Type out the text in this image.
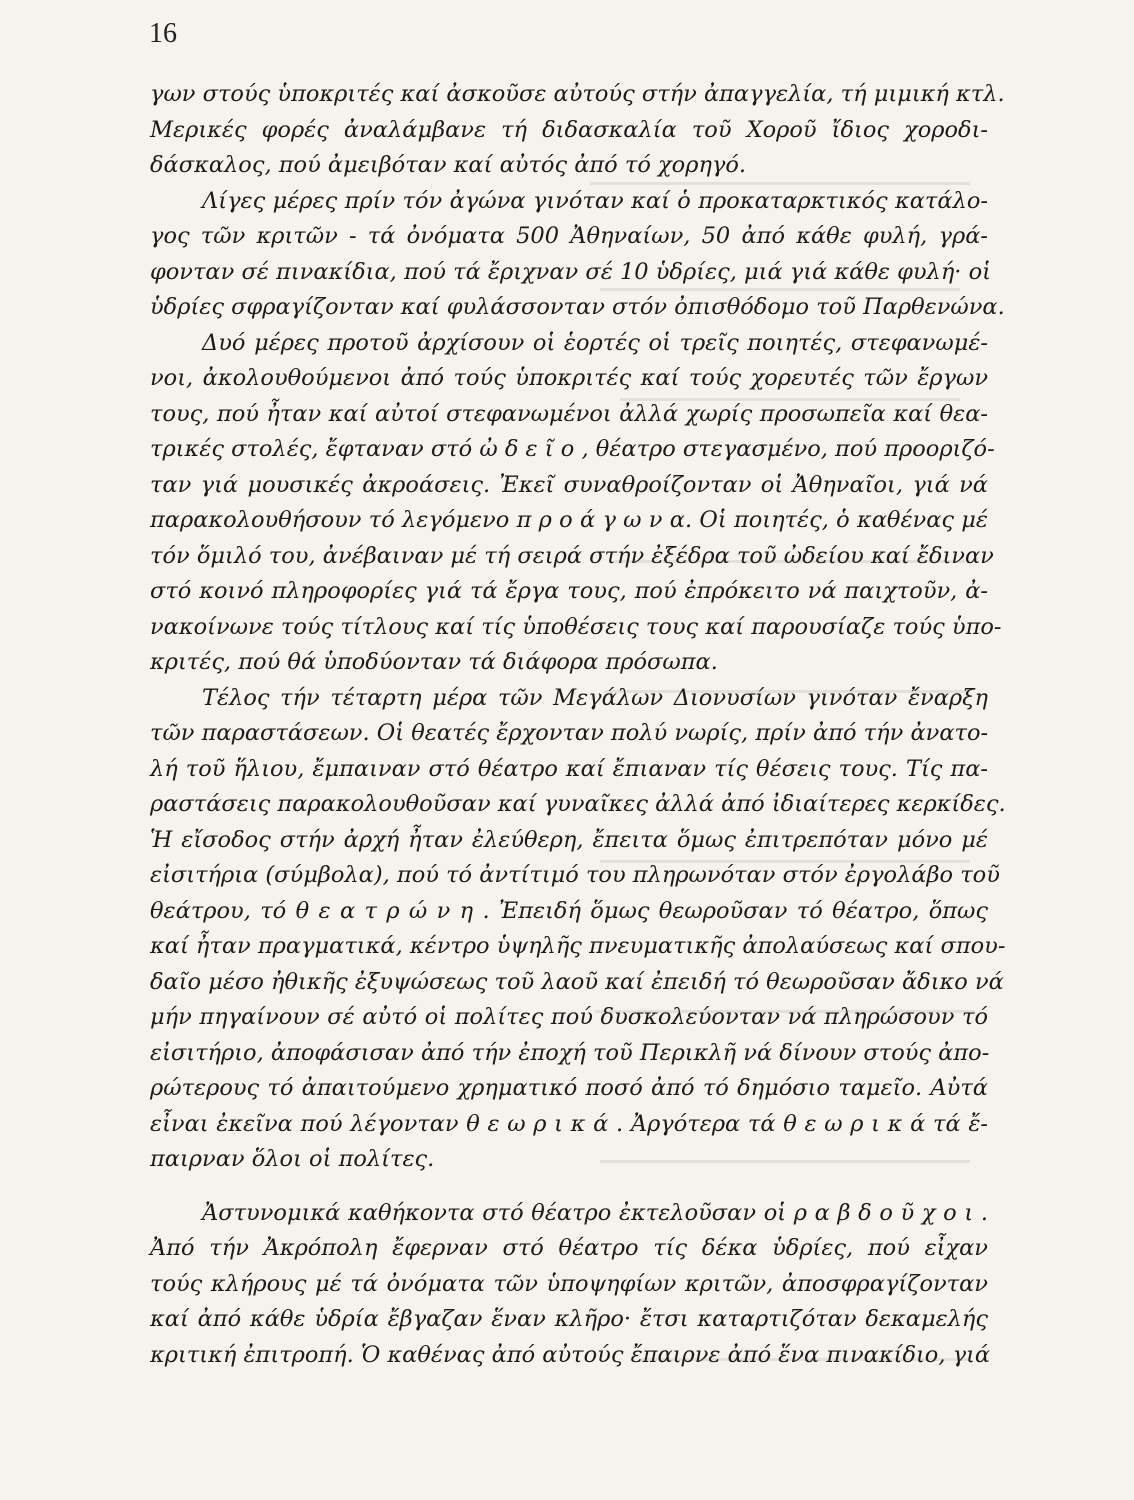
16
γων στούς ὑποκριτές καί ἀσκοῦσε αὐτούς στήν ἀπαγγελία, τή μιμική κτλ.
Μερικές φορές ἀναλάμβανε τή διδασκαλία τοῦ Χοροῦ ἴδιος χοροδι-
δάσκαλος, πού ἀμειβόταν καί αὐτός ἀπό τό χορηγό.
Λίγες μέρες πρίν τόν ἀγώνα γινόταν καί ὁ προκαταρκτικός κατάλο-
γος τῶν κριτῶν - τά ὀνόματα 500 Ἀθηναίων, 50 ἀπό κάθε φυλή, γρά-
φονταν σέ πινακίδια, πού τά ἔριχναν σέ 10 ὑδρίες, μιά γιά κάθε φυλή· οἱ
ὑδρίες σφραγίζονταν καί φυλάσσονταν στόν ὀπισθόδομο τοῦ Παρθενώνα.
Δυό μέρες προτοῦ ἀρχίσουν οἱ ἑορτές οἱ τρεῖς ποιητές, στεφανωμέ-
νοι, ἀκολουθούμενοι ἀπό τούς ὑποκριτές καί τούς χορευτές τῶν ἔργων
τους, πού ἦταν καί αὐτοί στεφανωμένοι ἀλλά χωρίς προσωπεῖα καί θεα-
τρικές στολές, ἔφταναν στό ὠ δ ε ῖ ο , θέατρο στεγασμένο, πού προοριζό-
ταν γιά μουσικές ἀκροάσεις. Ἐκεῖ συναθροίζονταν οἱ Ἀθηναῖοι, γιά νά
παρακολουθήσουν τό λεγόμενο π ρ ο ά γ ω ν α. Οἱ ποιητές, ὁ καθένας μέ
τόν ὅμιλό του, ἀνέβαιναν μέ τή σειρά στήν ἐξέδρα τοῦ ὠδείου καί ἔδιναν
στό κοινό πληροφορίες γιά τά ἔργα τους, πού ἐπρόκειτο νά παιχτοῦν, ἀ-
νακοίνωνε τούς τίτλους καί τίς ὑποθέσεις τους καί παρουσίαζε τούς ὑπο-
κριτές, πού θά ὑποδύονταν τά διάφορα πρόσωπα.
Τέλος τήν τέταρτη μέρα τῶν Μεγάλων Διονυσίων γινόταν ἔναρξη
τῶν παραστάσεων. Οἱ θεατές ἔρχονταν πολύ νωρίς, πρίν ἀπό τήν ἀνατο-
λή τοῦ ἥλιου, ἔμπαιναν στό θέατρο καί ἔπιαναν τίς θέσεις τους. Τίς πα-
ραστάσεις παρακολουθοῦσαν καί γυναῖκες ἀλλά ἀπό ἰδιαίτερες κερκίδες.
Ἡ εἴσοδος στήν ἀρχή ἦταν ἐλεύθερη, ἔπειτα ὅμως ἐπιτρεπόταν μόνο μέ
εἰσιτήρια (σύμβολα), πού τό ἀντίτιμό του πληρωνόταν στόν ἐργολάβο τοῦ
θεάτρου, τό θ ε α τ ρ ώ ν η . Ἐπειδή ὅμως θεωροῦσαν τό θέατρο, ὅπως
καί ἦταν πραγματικά, κέντρο ὑψηλῆς πνευματικῆς ἀπολαύσεως καί σπου-
δαῖο μέσο ἠθικῆς ἐξυψώσεως τοῦ λαοῦ καί ἐπειδή τό θεωροῦσαν ἄδικο νά
μήν πηγαίνουν σέ αὐτό οἱ πολίτες πού δυσκολεύονταν νά πληρώσουν τό
εἰσιτήριο, ἀποφάσισαν ἀπό τήν ἐποχή τοῦ Περικλῆ νά δίνουν στούς ἀπο-
ρώτερους τό ἀπαιτούμενο χρηματικό ποσό ἀπό τό δημόσιο ταμεῖο. Αὐτά
εἶναι ἐκεῖνα πού λέγονταν θ ε ω ρ ι κ ά . Ἀργότερα τά θ ε ω ρ ι κ ά τά ἔ-
παιρναν ὅλοι οἱ πολίτες.
Ἀστυνομικά καθήκοντα στό θέατρο ἐκτελοῦσαν οἱ ρ α β δ ο ῦ χ ο ι .
Ἀπό τήν Ἀκρόπολη ἔφερναν στό θέατρο τίς δέκα ὑδρίες, πού εἶχαν
τούς κλήρους μέ τά ὀνόματα τῶν ὑποψηφίων κριτῶν, ἀποσφραγίζονταν
καί ἀπό κάθε ὑδρία ἔβγαζαν ἕναν κλῆρο· ἔτσι καταρτιζόταν δεκαμελής
κριτική ἐπιτροπή. Ὁ καθένας ἀπό αὐτούς ἔπαιρνε ἀπό ἕνα πινακίδιο, γιά
